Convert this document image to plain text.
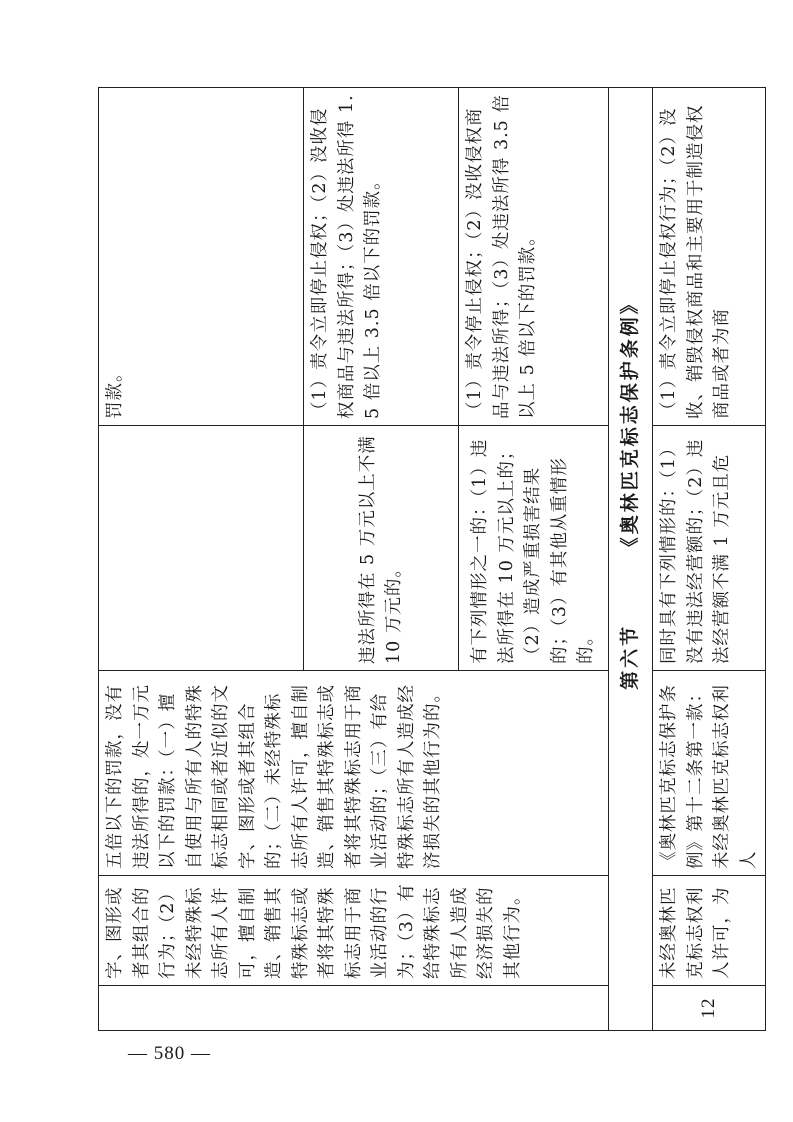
— 580 —
	字、图形或者其组合的行为；（2）未经特殊标志所有人许可，擅自制造、销售其特殊标志或者将其特殊标志用于商业活动的行为；（3）有给特殊标志所有人造成经济损失的其他行为。	五倍以下的罚款，没有违法所得的，处一万元以下的罚款：（一）擅自使用与所有人的特殊标志相同或者近似的文字、图形或者其组合的；（二）未经特殊标志所有人许可，擅自制造、销售其特殊标志或者将其特殊标志用于商业活动的；（三）有给特殊标志所有人造成经济损失的其他行为的。		罚款。
			违法所得在 5 万元以上不满 10 万元的。	（1）责令立即停止侵权；（2）没收侵权商品与违法所得；（3）处违法所得 1.5 倍以上 3.5 倍以下的罚款。
			有下列情形之一的：（1）违法所得在 10 万元以上的；（2）造成严重损害结果的；（3）有其他从重情形的。	（1）责令停止侵权；（2）没收侵权商品与违法所得；（3）处违法所得 3.5 倍以上 5 倍以下的罚款。
第六节 《奥林匹克标志保护条例》				
12	未经奥林匹克标志权利人许可，为	《奥林匹克标志保护条例》第十二条第一款：未经奥林匹克标志权利人	同时具有下列情形的：（1）没有违法经营额的；（2）违法经营额不满 1 万元且危	（1）责令立即停止侵权行为；（2）没收、销毁侵权商品和主要用于制造侵权商品或者为商
